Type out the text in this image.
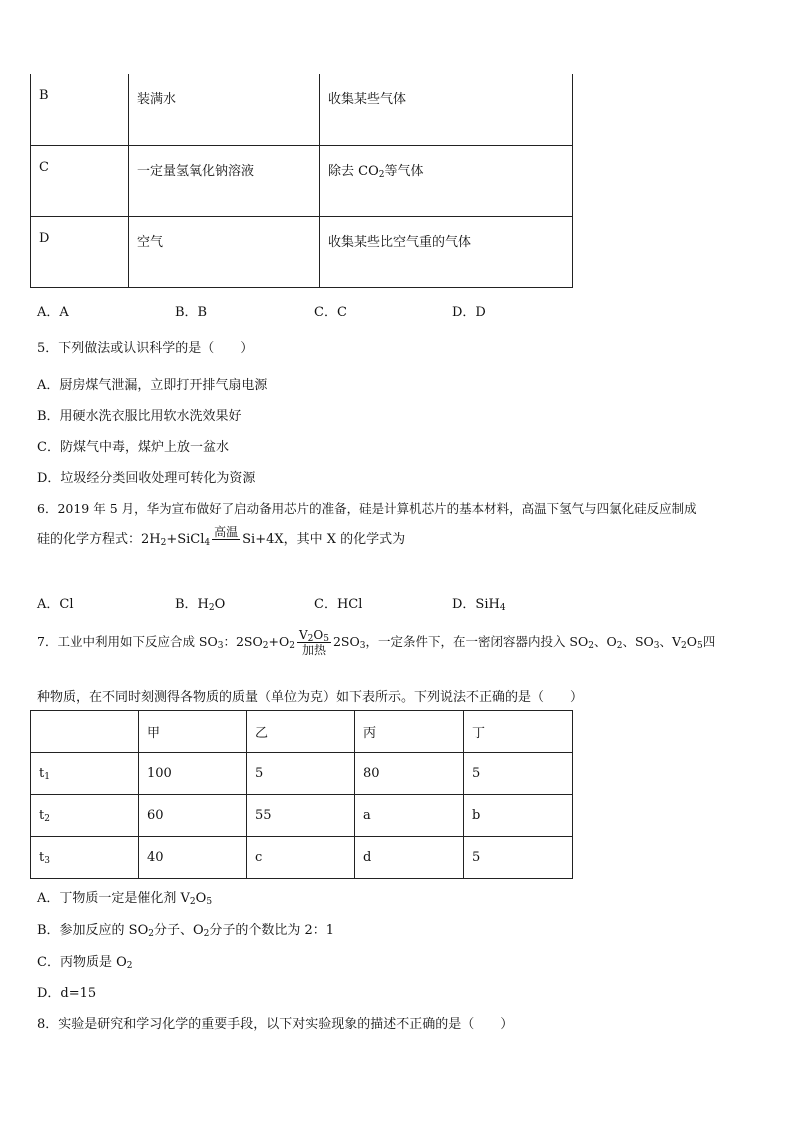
B	装满水	收集某些气体
C	一定量氢氧化钠溶液	除去 $CO_2$等气体
D	空气	收集某些比空气重的气体
A．A	B．B	C．C	D．D
5．下列做法或认识科学的是（　　）
A．厨房煤气泄漏，立即打开排气扇电源
B．用硬水洗衣服比用软水洗效果好
C．防煤气中毒，煤炉上放一盆水
D．垃圾经分类回收处理可转化为资源
6．2019 年 5 月，华为宣布做好了启动备用芯片的准备，硅是计算机芯片的基本材料，高温下氢气与四氯化硅反应制成
硅的化学方程式：$2H_2+SiCl_4$
高温
Si+4X，其中 X 的化学式为
A．Cl	B．$H_2O$	C．HCl	D．SiH$_4$
7．工业中利用如下反应合成 $SO_3$：$2SO_2+O_2$
$V_2O_5$
加热
$2SO_3$，一定条件下，在一密闭容器内投入 $SO_2$、$O_2$、$SO_3$、$V_2O_5$四
种物质，在不同时刻测得各物质的质量（单位为克）如下表所示。下列说法不正确的是（　　）
	甲	乙	丙	丁
$t_1$	100	5	80	5
$t_2$	60	55	a	b
$t_3$	40	c	d	5
A．丁物质一定是催化剂 $V_2O_5$
B．参加反应的 $SO_2$分子、$O_2$分子的个数比为 2：1
C．丙物质是 $O_2$
D．d=15
8．实验是研究和学习化学的重要手段，以下对实验现象的描述不正确的是（　　）
